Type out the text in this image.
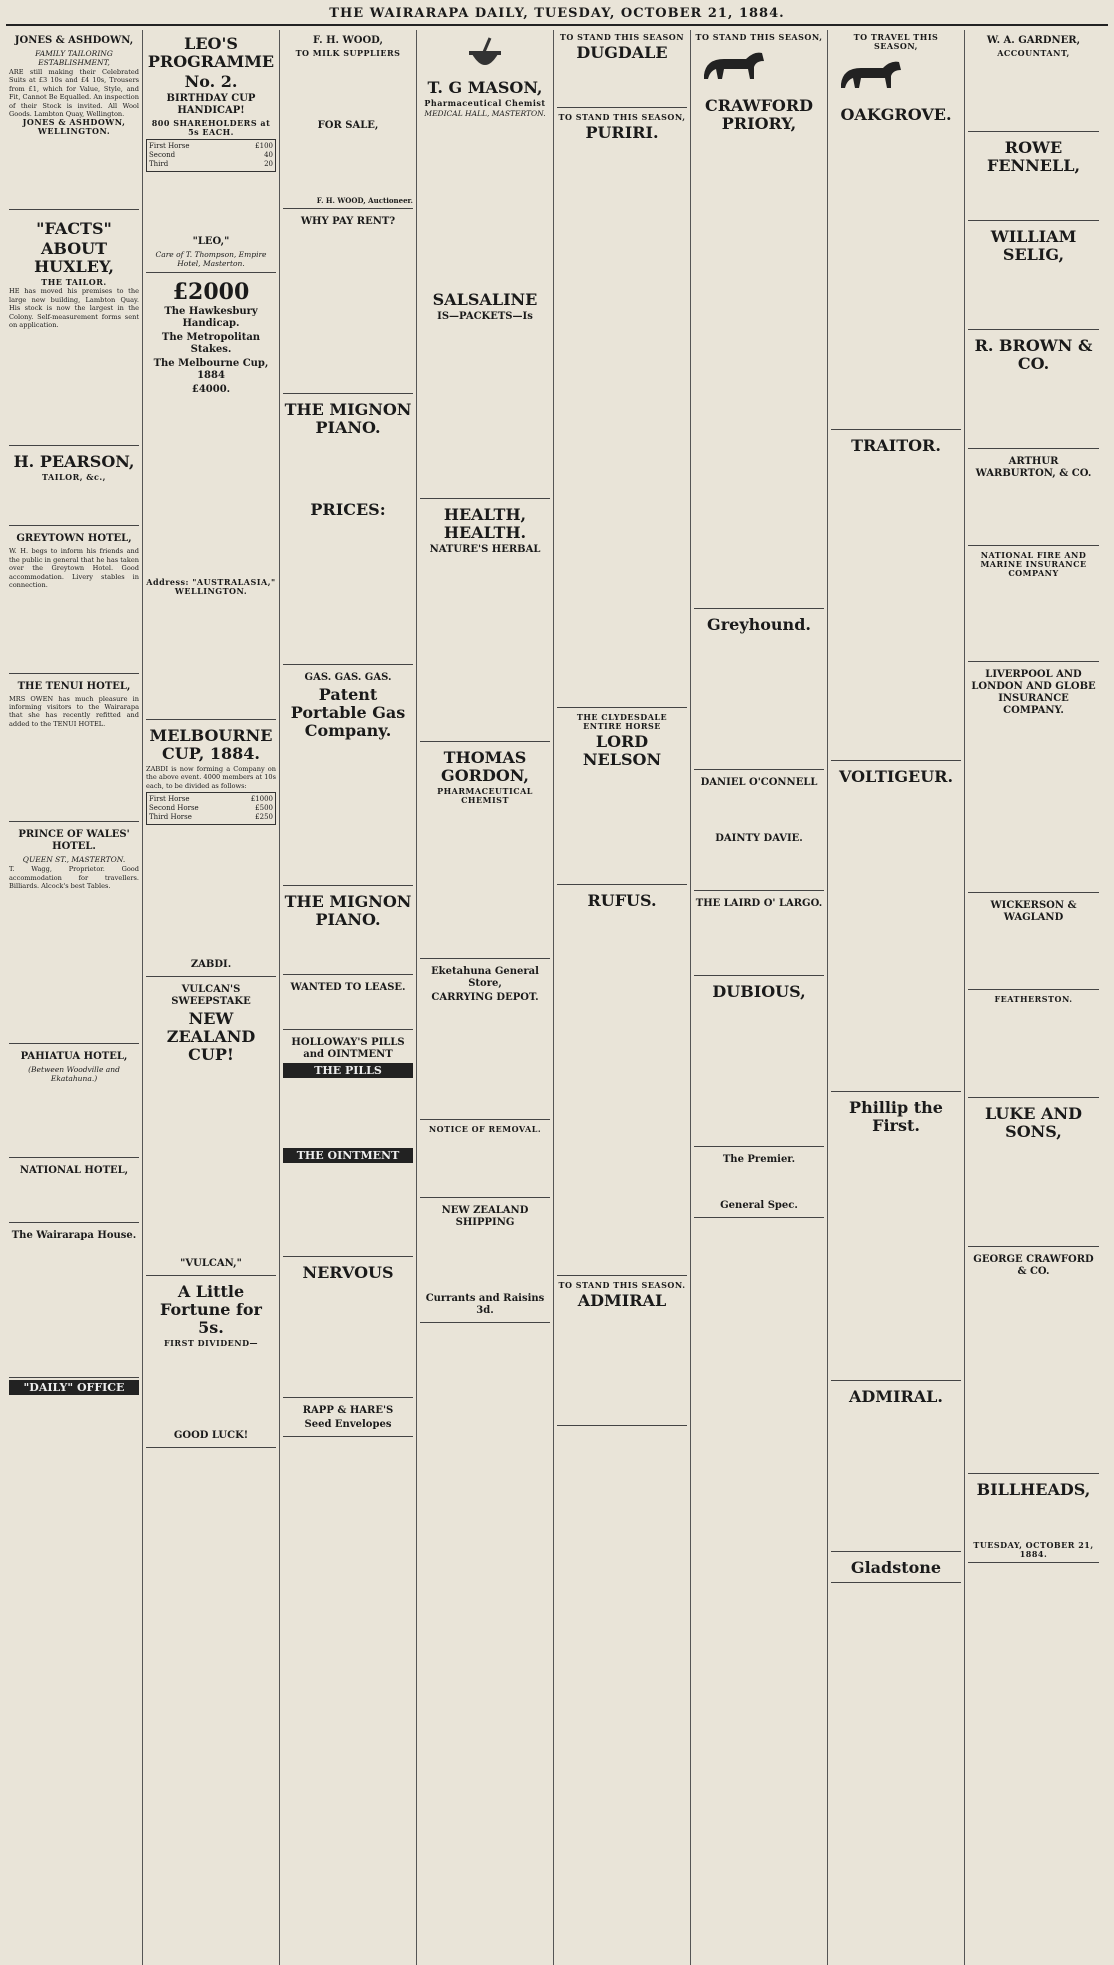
THE WAIRARAPA DAILY, TUESDAY, OCTOBER 21, 1884.
JONES & ASHDOWN,
FAMILY TAILORING ESTABLISHMENT,
ARE still making their Celebrated Suits at £3 10s and £4 10s, Trousers from £1, which for Value, Style, and Fit, Cannot Be Equalled. An inspection of their Stock is invited. All Wool Goods. Lambton Quay, Wellington.
JONES & ASHDOWN, WELLINGTON.
"FACTS"
ABOUT HUXLEY,
THE TAILOR.
HE has moved his premises to the large new building, Lambton Quay. His stock is now the largest in the Colony. Self-measurement forms sent on application.
H. PEARSON,
TAILOR, &c.,
GREYTOWN HOTEL,
W. H. begs to inform his friends and the public in general that he has taken over the Greytown Hotel. Good accommodation. Livery stables in connection.
THE TENUI HOTEL,
MRS OWEN has much pleasure in informing visitors to the Wairarapa that she has recently refitted and added to the TENUI HOTEL.
PRINCE OF WALES' HOTEL.
QUEEN ST., MASTERTON.
T. Wagg, Proprietor. Good accommodation for travellers. Billiards. Alcock's best Tables.
PAHIATUA HOTEL,
(Between Woodville and Ekatahuna.)
NATIONAL HOTEL,
The Wairarapa House.
"DAILY" OFFICE
LEO'S PROGRAMME
No. 2.
BIRTHDAY CUP HANDICAP!
800 SHAREHOLDERS at 5s EACH.
First Horse	£100
Second	40
Third	20
"LEO,"
Care of T. Thompson, Empire Hotel, Masterton.
£2000
The Hawkesbury Handicap.
The Metropolitan Stakes.
The Melbourne Cup, 1884
£4000.
Address: "AUSTRALASIA," WELLINGTON.
MELBOURNE CUP, 1884.
ZABDI is now forming a Company on the above event. 4000 members at 10s each, to be divided as follows:
First Horse	£1000
Second Horse	£500
Third Horse	£250
ZABDI.
VULCAN'S SWEEPSTAKE
NEW ZEALAND CUP!
"VULCAN,"
A Little Fortune for 5s.
FIRST DIVIDEND—
GOOD LUCK!
F. H. WOOD,
TO MILK SUPPLIERS
FOR SALE,
F. H. WOOD, Auctioneer.
WHY PAY RENT?
THE MIGNON PIANO.
PRICES:
GAS. GAS. GAS.
Patent Portable Gas Company.
THE MIGNON PIANO.
WANTED TO LEASE.
HOLLOWAY'S PILLS and OINTMENT
THE PILLS
THE OINTMENT
NERVOUS
RAPP & HARE'S
Seed Envelopes
T. G MASON,
Pharmaceutical Chemist
MEDICAL HALL, MASTERTON.
SALSALINE
IS—PACKETS—Is
HEALTH, HEALTH.
NATURE'S HERBAL
THOMAS GORDON,
PHARMACEUTICAL CHEMIST
Eketahuna General Store,
CARRYING DEPOT.
NOTICE OF REMOVAL.
NEW ZEALAND SHIPPING
Currants and Raisins 3d.
TO STAND THIS SEASON
DUGDALE
TO STAND THIS SEASON,
PURIRI.
THE CLYDESDALE ENTIRE HORSE
LORD NELSON
RUFUS.
TO STAND THIS SEASON.
ADMIRAL
TO STAND THIS SEASON,
CRAWFORD PRIORY,
Greyhound.
DANIEL O'CONNELL
DAINTY DAVIE.
THE LAIRD O' LARGO.
DUBIOUS,
The Premier.
General Spec.
TO TRAVEL THIS SEASON,
OAKGROVE.
TRAITOR.
VOLTIGEUR.
Phillip the First.
ADMIRAL.
Gladstone
W. A. GARDNER,
ACCOUNTANT,
ROWE FENNELL,
WILLIAM SELIG,
R. BROWN & CO.
ARTHUR WARBURTON, & CO.
NATIONAL FIRE AND MARINE INSURANCE COMPANY
LIVERPOOL AND LONDON AND GLOBE INSURANCE COMPANY.
WICKERSON & WAGLAND
FEATHERSTON.
LUKE AND SONS,
GEORGE CRAWFORD & CO.
BILLHEADS,
TUESDAY, OCTOBER 21, 1884.
